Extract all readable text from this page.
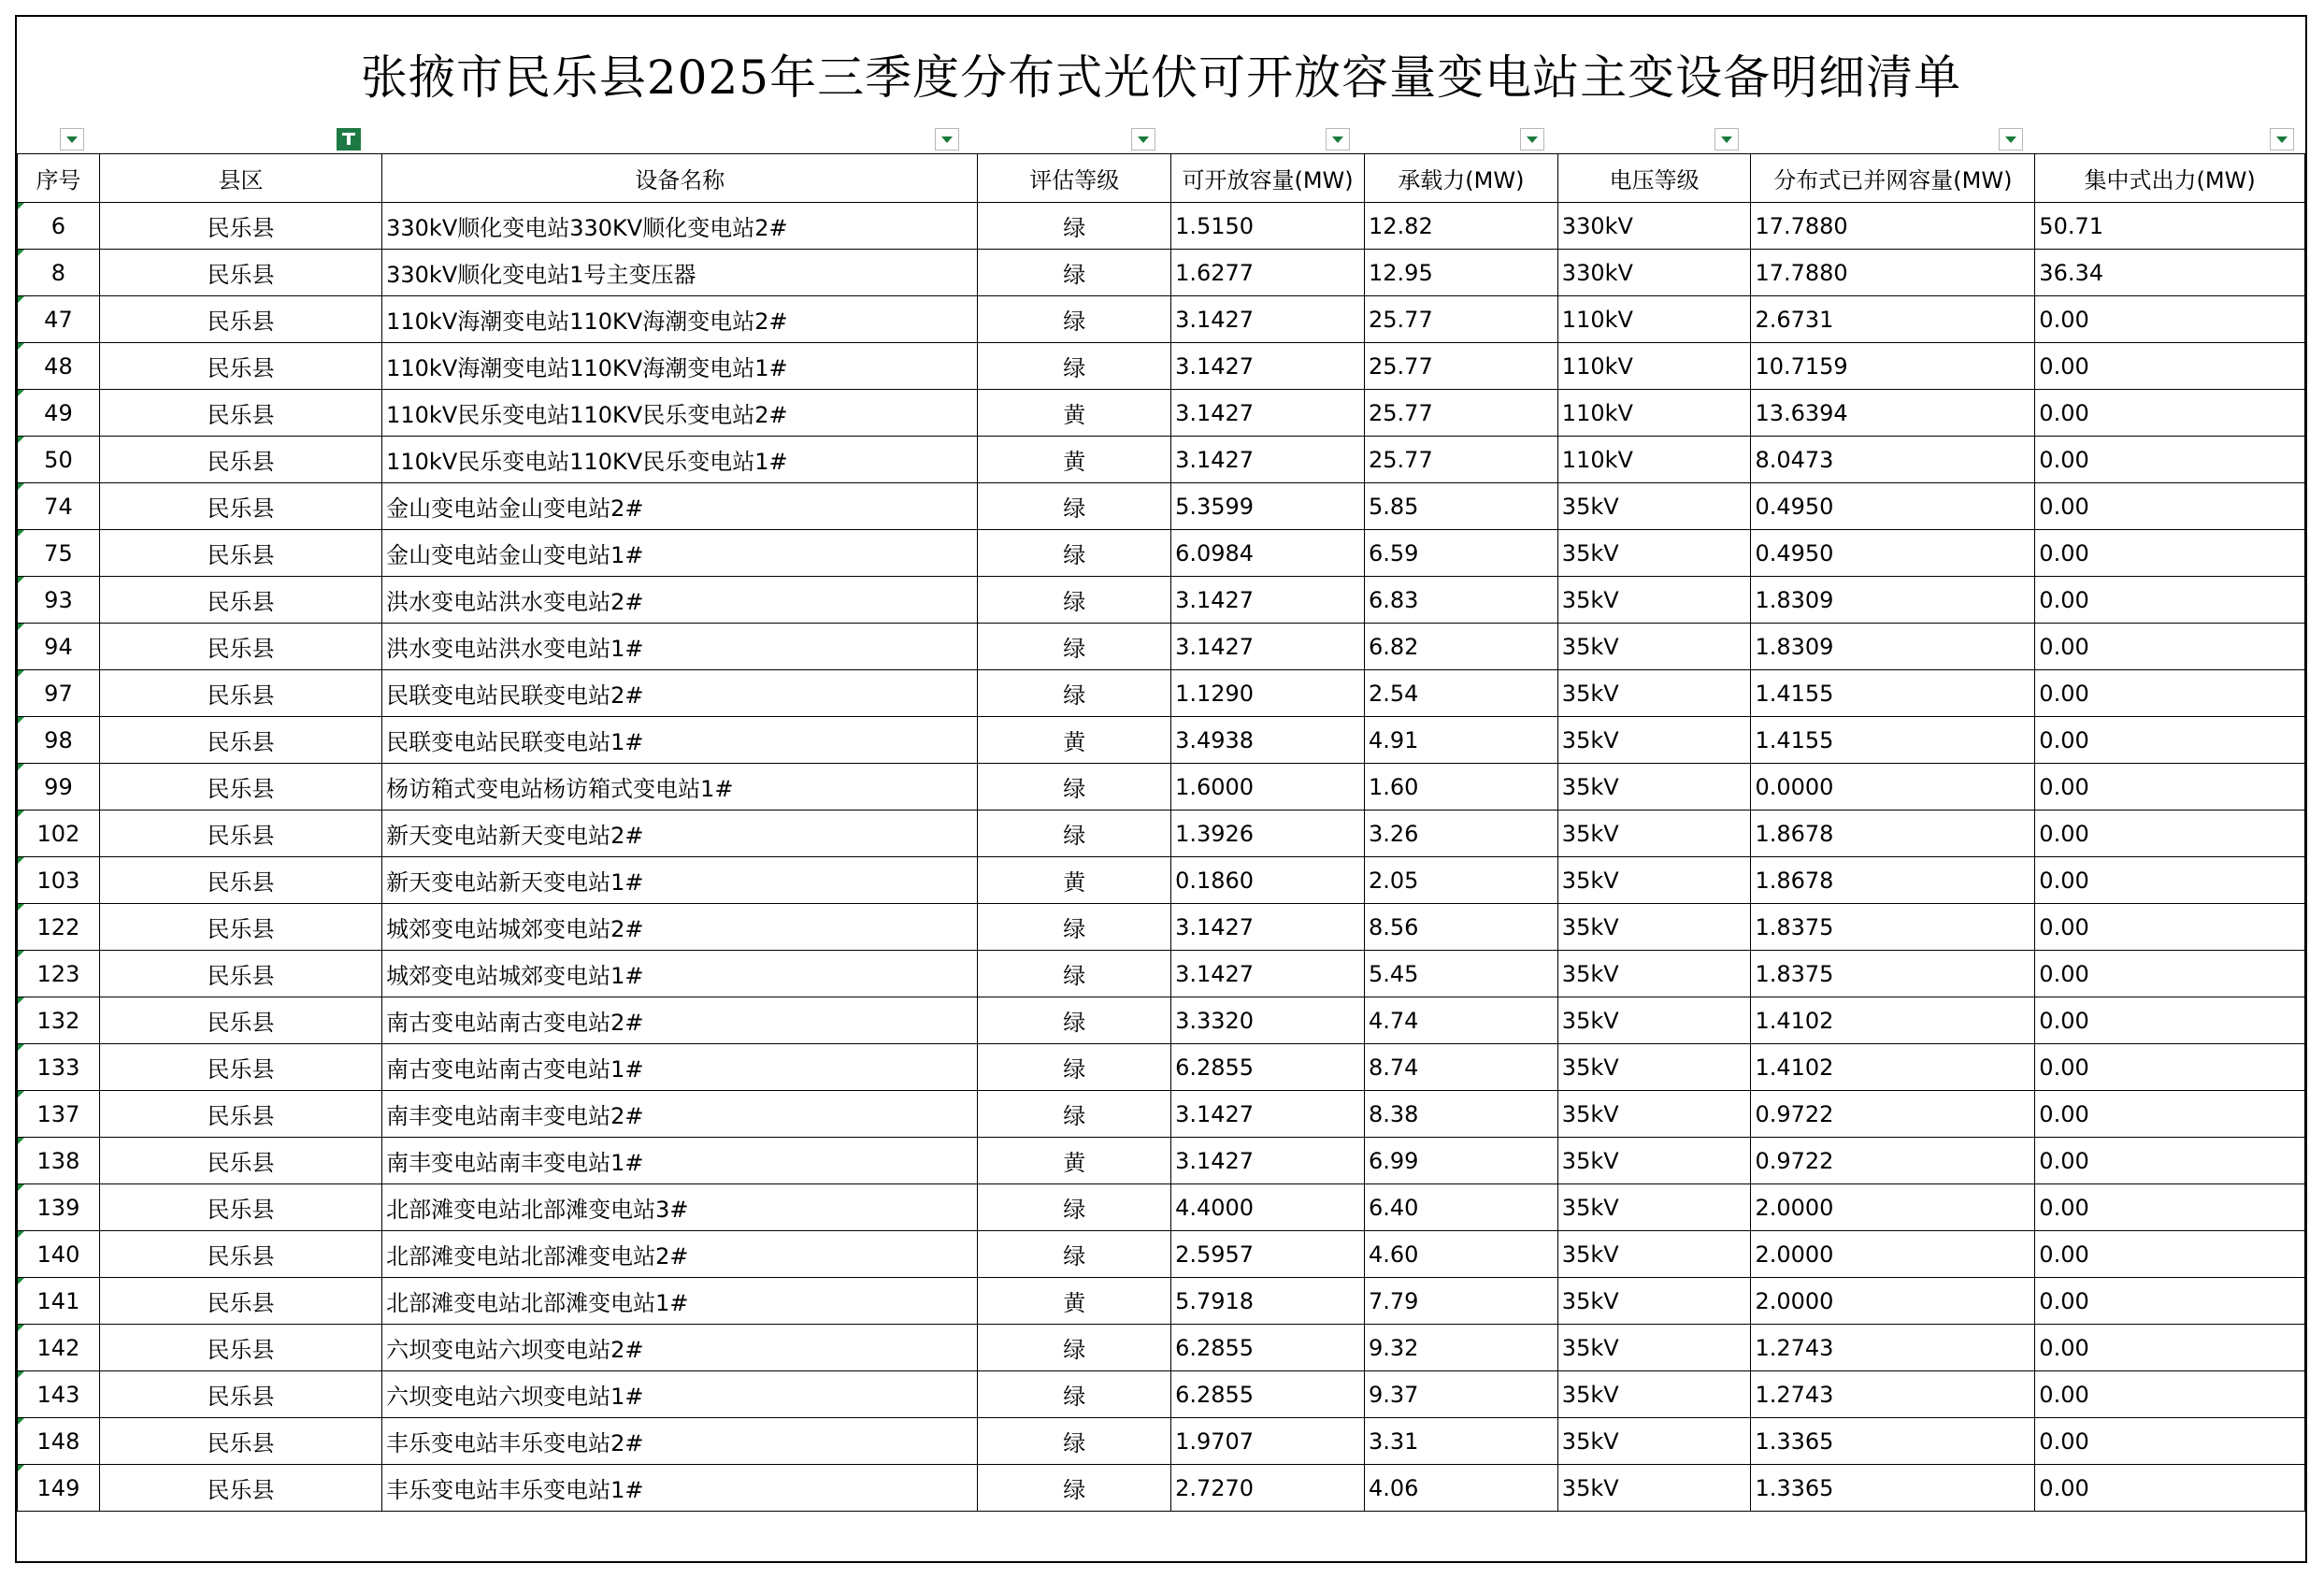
张掖市民乐县2025年三季度分布式光伏可开放容量变电站主变设备明细清单
序号	县区	设备名称	评估等级	可开放容量(MW)	承载力(MW)	电压等级	分布式已并网容量(MW)	集中式出力(MW)
6	民乐县	330kV顺化变电站330KV顺化变电站2#	绿	1.5150	12.82	330kV	17.7880	50.71
8	民乐县	330kV顺化变电站1号主变压器	绿	1.6277	12.95	330kV	17.7880	36.34
47	民乐县	110kV海潮变电站110KV海潮变电站2#	绿	3.1427	25.77	110kV	2.6731	0.00
48	民乐县	110kV海潮变电站110KV海潮变电站1#	绿	3.1427	25.77	110kV	10.7159	0.00
49	民乐县	110kV民乐变电站110KV民乐变电站2#	黄	3.1427	25.77	110kV	13.6394	0.00
50	民乐县	110kV民乐变电站110KV民乐变电站1#	黄	3.1427	25.77	110kV	8.0473	0.00
74	民乐县	金山变电站金山变电站2#	绿	5.3599	5.85	35kV	0.4950	0.00
75	民乐县	金山变电站金山变电站1#	绿	6.0984	6.59	35kV	0.4950	0.00
93	民乐县	洪水变电站洪水变电站2#	绿	3.1427	6.83	35kV	1.8309	0.00
94	民乐县	洪水变电站洪水变电站1#	绿	3.1427	6.82	35kV	1.8309	0.00
97	民乐县	民联变电站民联变电站2#	绿	1.1290	2.54	35kV	1.4155	0.00
98	民乐县	民联变电站民联变电站1#	黄	3.4938	4.91	35kV	1.4155	0.00
99	民乐县	杨访箱式变电站杨访箱式变电站1#	绿	1.6000	1.60	35kV	0.0000	0.00
102	民乐县	新天变电站新天变电站2#	绿	1.3926	3.26	35kV	1.8678	0.00
103	民乐县	新天变电站新天变电站1#	黄	0.1860	2.05	35kV	1.8678	0.00
122	民乐县	城郊变电站城郊变电站2#	绿	3.1427	8.56	35kV	1.8375	0.00
123	民乐县	城郊变电站城郊变电站1#	绿	3.1427	5.45	35kV	1.8375	0.00
132	民乐县	南古变电站南古变电站2#	绿	3.3320	4.74	35kV	1.4102	0.00
133	民乐县	南古变电站南古变电站1#	绿	6.2855	8.74	35kV	1.4102	0.00
137	民乐县	南丰变电站南丰变电站2#	绿	3.1427	8.38	35kV	0.9722	0.00
138	民乐县	南丰变电站南丰变电站1#	黄	3.1427	6.99	35kV	0.9722	0.00
139	民乐县	北部滩变电站北部滩变电站3#	绿	4.4000	6.40	35kV	2.0000	0.00
140	民乐县	北部滩变电站北部滩变电站2#	绿	2.5957	4.60	35kV	2.0000	0.00
141	民乐县	北部滩变电站北部滩变电站1#	黄	5.7918	7.79	35kV	2.0000	0.00
142	民乐县	六坝变电站六坝变电站2#	绿	6.2855	9.32	35kV	1.2743	0.00
143	民乐县	六坝变电站六坝变电站1#	绿	6.2855	9.37	35kV	1.2743	0.00
148	民乐县	丰乐变电站丰乐变电站2#	绿	1.9707	3.31	35kV	1.3365	0.00
149	民乐县	丰乐变电站丰乐变电站1#	绿	2.7270	4.06	35kV	1.3365	0.00
